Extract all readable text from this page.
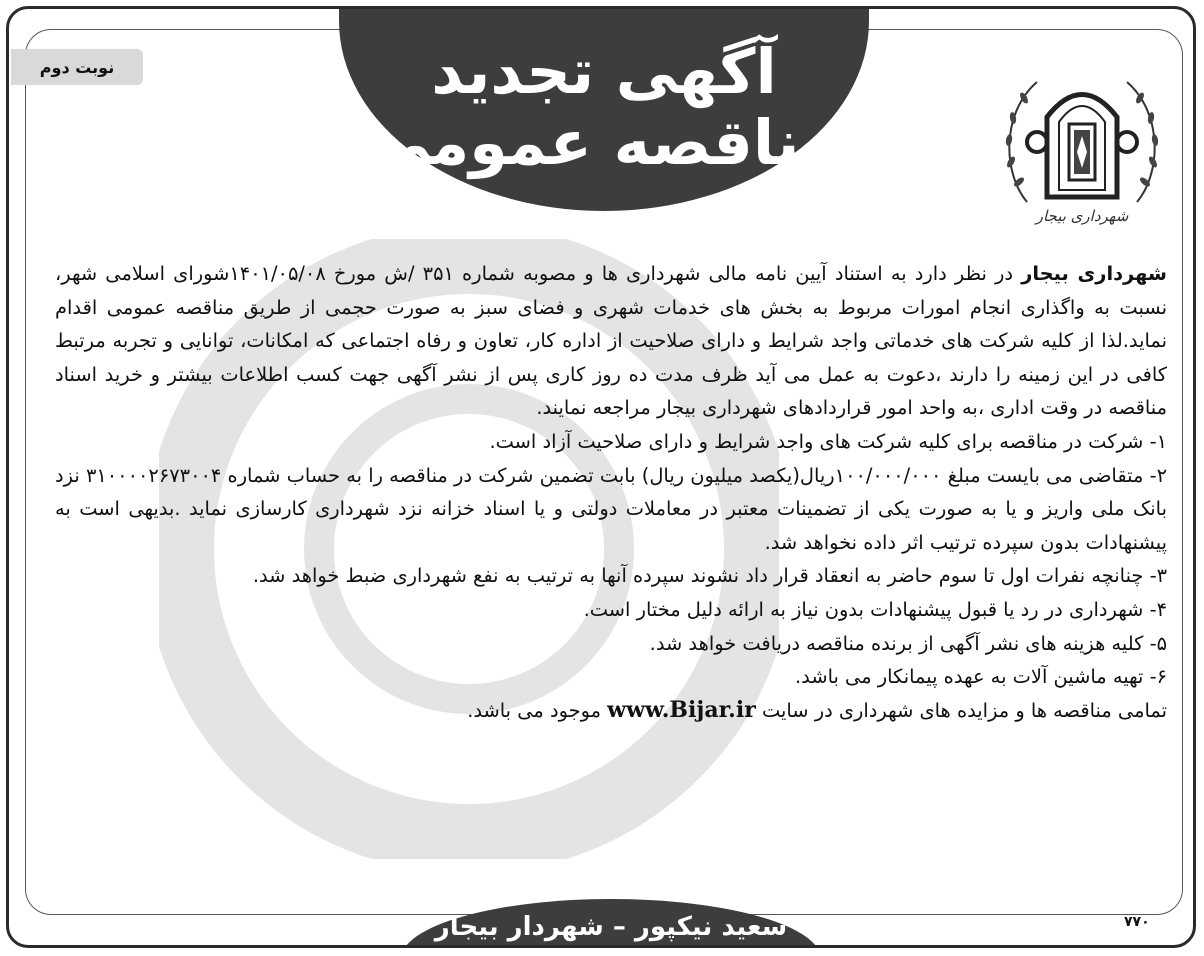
نوبت دوم	آگهی تجدید
مناقصه عمومی
شهرداری بیجار

شهرداری بیجار در نظر دارد به استناد آیین نامه مالی شهرداری ها و مصوبه شماره ۳۵۱ /ش مورخ ۱۴۰۱/۰۵/۰۸شورای اسلامی شهر، نسبت به واگذاری انجام امورات مربوط به بخش های خدمات شهری و فضای سبز به صورت حجمی از طریق مناقصه عمومی اقدام نماید.لذا از کلیه شرکت های خدماتی واجد شرایط و دارای صلاحیت از اداره کار، تعاون و رفاه اجتماعی که امکانات، توانایی و تجربه مرتبط کافی در این زمینه را دارند ،دعوت به عمل می آید ظرف مدت ده روز کاری پس از نشر آگهی جهت کسب اطلاعات بیشتر و خرید اسناد مناقصه در وقت اداری ،به واحد امور قراردادهای شهرداری بیجار مراجعه نمایند.

۱- شرکت در مناقصه برای کلیه شرکت های واجد شرایط و دارای صلاحیت آزاد است.

۲- متقاضی می بایست مبلغ ۱۰۰/۰۰۰/۰۰۰ریال(یکصد میلیون ریال) بابت تضمین شرکت در مناقصه را به حساب شماره ۳۱۰۰۰۰۲۶۷۳۰۰۴ نزد بانک ملی واریز و یا به صورت یکی از تضمینات معتبر در معاملات دولتی و یا اسناد خزانه نزد شهرداری کارسازی نماید .بدیهی است به پیشنهادات بدون سپرده ترتیب اثر داده نخواهد شد.

۳- چنانچه نفرات اول تا سوم حاضر به انعقاد قرار داد نشوند سپرده آنها به ترتیب به نفع شهرداری ضبط خواهد شد.

۴- شهرداری در رد یا قبول پیشنهادات بدون نیاز به ارائه دلیل مختار است.

۵- کلیه هزینه های نشر آگهی از برنده مناقصه دریافت خواهد شد.

۶- تهیه ماشین آلات به عهده پیمانکار می باشد.

تمامی مناقصه ها و مزایده های شهرداری در سایت www.Bijar.ir موجود می باشد.

سعید نیکپور – شهردار بیجار	۷۷۰
